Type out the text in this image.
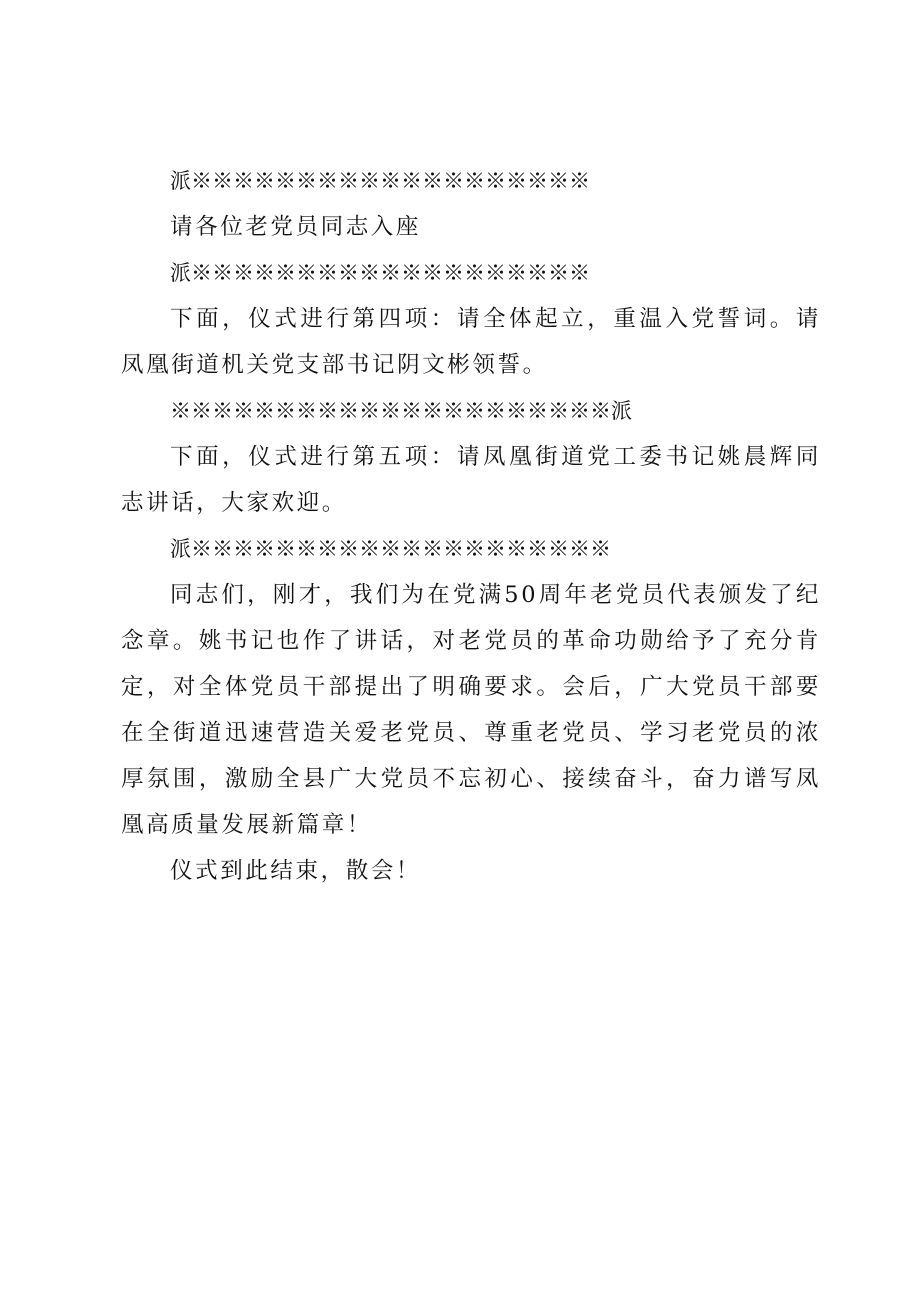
派※※※※※※※※※※※※※※※※※※※

请各位老党员同志入座

派※※※※※※※※※※※※※※※※※※※

下面，仪式进行第四项：请全体起立，重温入党誓词。请凤凰街道机关党支部书记阴文彬领誓。

※※※※※※※※※※※※※※※※※※※※※派

下面，仪式进行第五项：请凤凰街道党工委书记姚晨辉同志讲话，大家欢迎。

派※※※※※※※※※※※※※※※※※※※※

同志们，刚才，我们为在党满50周年老党员代表颁发了纪念章。姚书记也作了讲话，对老党员的革命功勋给予了充分肯定，对全体党员干部提出了明确要求。会后，广大党员干部要在全街道迅速营造关爱老党员、尊重老党员、学习老党员的浓厚氛围，激励全县广大党员不忘初心、接续奋斗，奋力谱写凤凰高质量发展新篇章！

仪式到此结束，散会！
